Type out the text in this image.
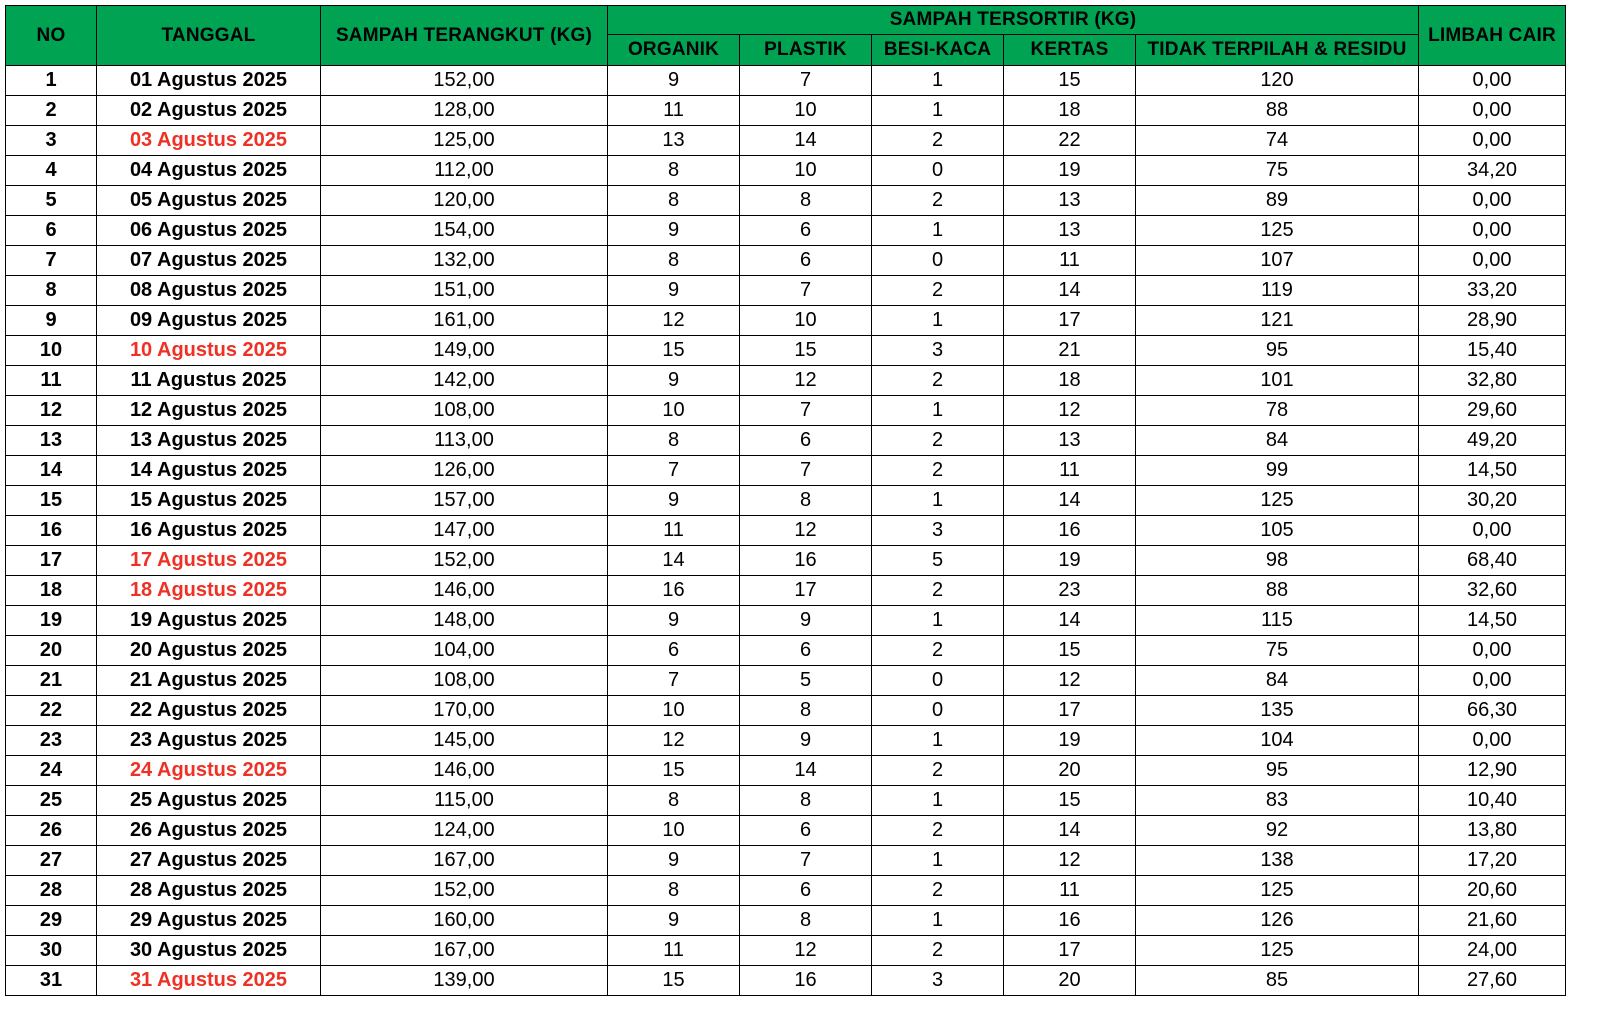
NO	TANGGAL	SAMPAH TERANGKUT (KG)	SAMPAH TERSORTIR (KG)					LIMBAH CAIR
			ORGANIK	PLASTIK	BESI-KACA	KERTAS	TIDAK TERPILAH & RESIDU	
1	01 Agustus 2025	152,00	9	7	1	15	120	0,00
2	02 Agustus 2025	128,00	11	10	1	18	88	0,00
3	03 Agustus 2025	125,00	13	14	2	22	74	0,00
4	04 Agustus 2025	112,00	8	10	0	19	75	34,20
5	05 Agustus 2025	120,00	8	8	2	13	89	0,00
6	06 Agustus 2025	154,00	9	6	1	13	125	0,00
7	07 Agustus 2025	132,00	8	6	0	11	107	0,00
8	08 Agustus 2025	151,00	9	7	2	14	119	33,20
9	09 Agustus 2025	161,00	12	10	1	17	121	28,90
10	10 Agustus 2025	149,00	15	15	3	21	95	15,40
11	11 Agustus 2025	142,00	9	12	2	18	101	32,80
12	12 Agustus 2025	108,00	10	7	1	12	78	29,60
13	13 Agustus 2025	113,00	8	6	2	13	84	49,20
14	14 Agustus 2025	126,00	7	7	2	11	99	14,50
15	15 Agustus 2025	157,00	9	8	1	14	125	30,20
16	16 Agustus 2025	147,00	11	12	3	16	105	0,00
17	17 Agustus 2025	152,00	14	16	5	19	98	68,40
18	18 Agustus 2025	146,00	16	17	2	23	88	32,60
19	19 Agustus 2025	148,00	9	9	1	14	115	14,50
20	20 Agustus 2025	104,00	6	6	2	15	75	0,00
21	21 Agustus 2025	108,00	7	5	0	12	84	0,00
22	22 Agustus 2025	170,00	10	8	0	17	135	66,30
23	23 Agustus 2025	145,00	12	9	1	19	104	0,00
24	24 Agustus 2025	146,00	15	14	2	20	95	12,90
25	25 Agustus 2025	115,00	8	8	1	15	83	10,40
26	26 Agustus 2025	124,00	10	6	2	14	92	13,80
27	27 Agustus 2025	167,00	9	7	1	12	138	17,20
28	28 Agustus 2025	152,00	8	6	2	11	125	20,60
29	29 Agustus 2025	160,00	9	8	1	16	126	21,60
30	30 Agustus 2025	167,00	11	12	2	17	125	24,00
31	31 Agustus 2025	139,00	15	16	3	20	85	27,60
